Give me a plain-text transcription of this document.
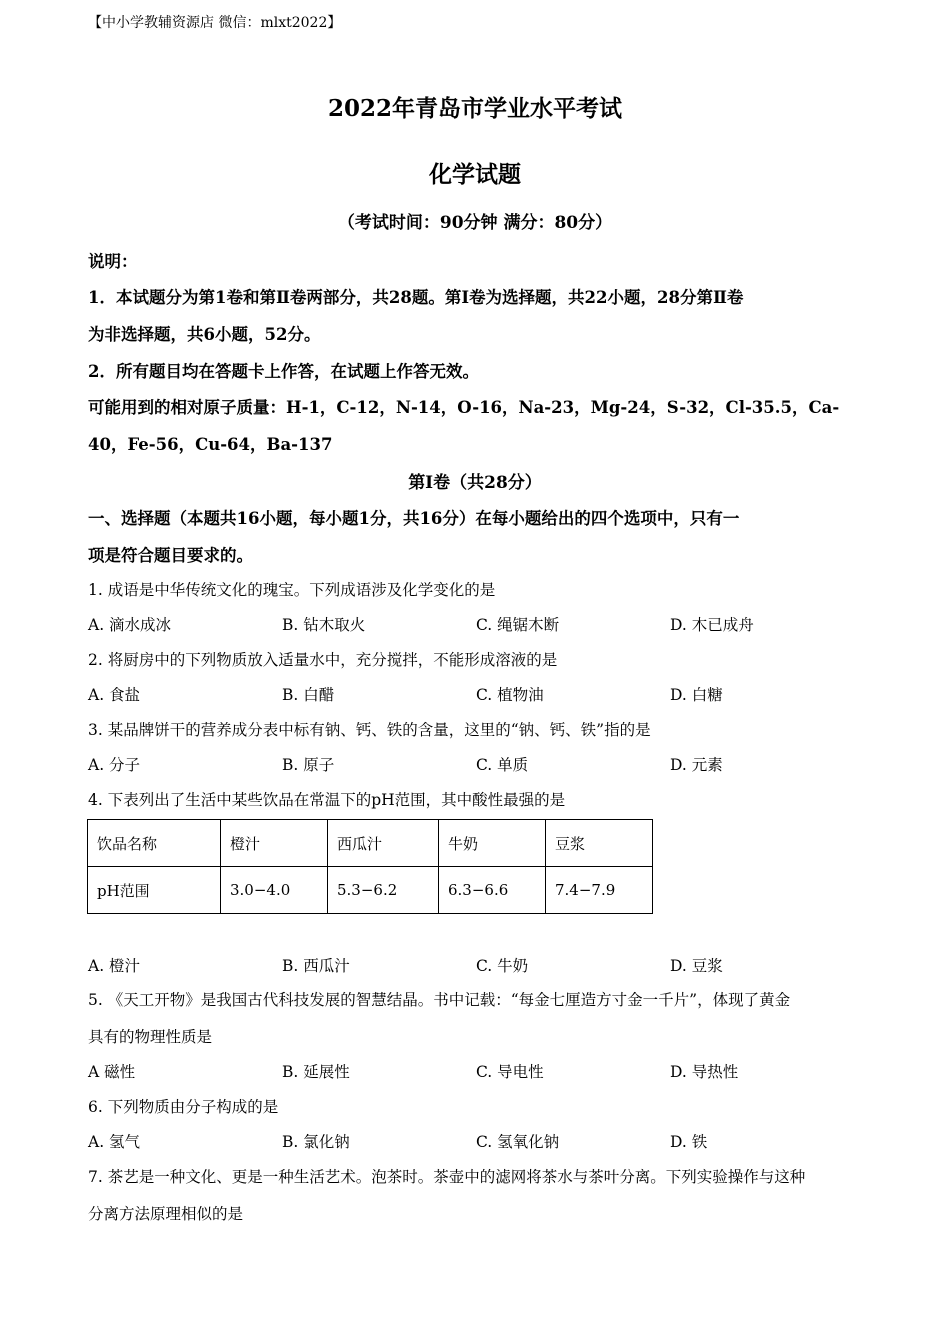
【中小学教辅资源店 微信：mlxt2022】
2022年青岛市学业水平考试
化学试题
（考试时间：90分钟 满分：80分）
说明：
1．本试题分为第1卷和第Ⅱ卷两部分，共28题。第I卷为选择题，共22小题，28分第Ⅱ卷
为非选择题，共6小题，52分。
2．所有题目均在答题卡上作答，在试题上作答无效。
可能用到的相对原子质量：H-1，C-12，N-14，O-16，Na-23，Mg-24，S-32，Cl-35.5，Ca-
40，Fe-56，Cu-64，Ba-137
第I卷（共28分）
一、选择题（本题共16小题，每小题1分，共16分）在每小题给出的四个选项中，只有一
项是符合题目要求的。
1. 成语是中华传统文化的瑰宝。下列成语涉及化学变化的是
A. 滴水成冰	B. 钻木取火	C. 绳锯木断	D. 木已成舟
2. 将厨房中的下列物质放入适量水中，充分搅拌，不能形成溶液的是
A. 食盐	B. 白醋	C. 植物油	D. 白糖
3. 某品牌饼干的营养成分表中标有钠、钙、铁的含量，这里的“钠、钙、铁”指的是
A. 分子	B. 原子	C. 单质	D. 元素
4. 下表列出了生活中某些饮品在常温下的pH范围，其中酸性最强的是
饮品名称	橙汁	西瓜汁	牛奶	豆浆
pH范围	3.0−4.0	5.3−6.2	6.3−6.6	7.4−7.9
A. 橙汁	B. 西瓜汁	C. 牛奶	D. 豆浆
5. 《天工开物》是我国古代科技发展的智慧结晶。书中记载：“每金七厘造方寸金一千片”，体现了黄金
具有的物理性质是
A 磁性	B. 延展性	C. 导电性	D. 导热性
6. 下列物质由分子构成的是
A. 氢气	B. 氯化钠	C. 氢氧化钠	D. 铁
7. 茶艺是一种文化、更是一种生活艺术。泡茶时。茶壶中的滤网将茶水与茶叶分离。下列实验操作与这种
分离方法原理相似的是
